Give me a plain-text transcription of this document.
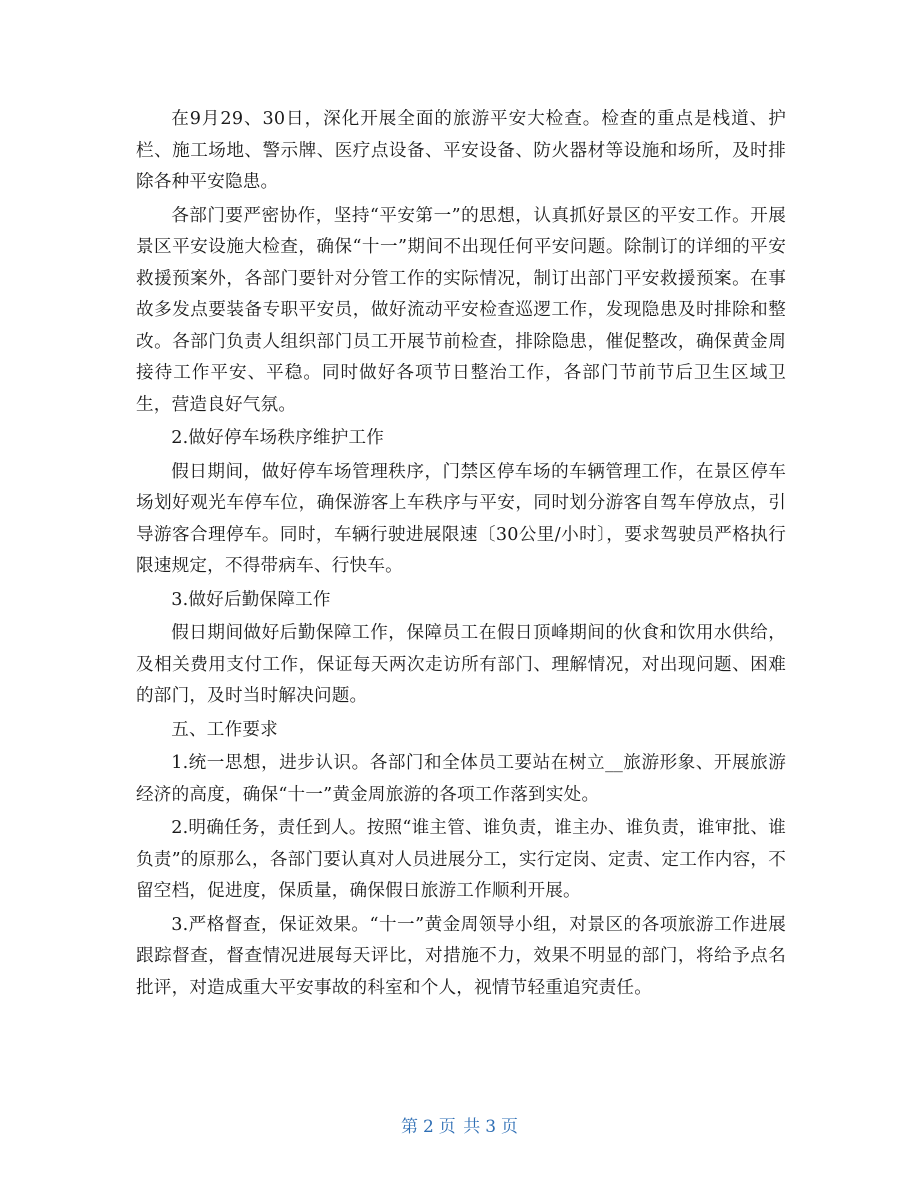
在9月29、30日，深化开展全面的旅游平安大检查。检查的重点是栈道、护栏、施工场地、警示牌、医疗点设备、平安设备、防火器材等设施和场所，及时排除各种平安隐患。

各部门要严密协作，坚持“平安第一”的思想，认真抓好景区的平安工作。开展景区平安设施大检查，确保“十一”期间不出现任何平安问题。除制订的详细的平安救援预案外，各部门要针对分管工作的实际情况，制订出部门平安救援预案。在事故多发点要装备专职平安员，做好流动平安检查巡逻工作，发现隐患及时排除和整改。各部门负责人组织部门员工开展节前检查，排除隐患，催促整改，确保黄金周接待工作平安、平稳。同时做好各项节日整治工作，各部门节前节后卫生区域卫生，营造良好气氛。

2.做好停车场秩序维护工作

假日期间，做好停车场管理秩序，门禁区停车场的车辆管理工作，在景区停车场划好观光车停车位，确保游客上车秩序与平安，同时划分游客自驾车停放点，引导游客合理停车。同时，车辆行驶进展限速〔30公里/小时〕，要求驾驶员严格执行限速规定，不得带病车、行快车。

3.做好后勤保障工作

假日期间做好后勤保障工作，保障员工在假日顶峰期间的伙食和饮用水供给，及相关费用支付工作，保证每天两次走访所有部门、理解情况，对出现问题、困难的部门，及时当时解决问题。

五、工作要求

1.统一思想，进步认识。各部门和全体员工要站在树立__旅游形象、开展旅游经济的高度，确保“十一”黄金周旅游的各项工作落到实处。

2.明确任务，责任到人。按照“谁主管、谁负责，谁主办、谁负责，谁审批、谁负责”的原那么，各部门要认真对人员进展分工，实行定岗、定责、定工作内容，不留空档，促进度，保质量，确保假日旅游工作顺利开展。

3.严格督查，保证效果。“十一”黄金周领导小组，对景区的各项旅游工作进展跟踪督查，督查情况进展每天评比，对措施不力，效果不明显的部门，将给予点名批评，对造成重大平安事故的科室和个人，视情节轻重追究责任。

第 2 页 共 3 页
